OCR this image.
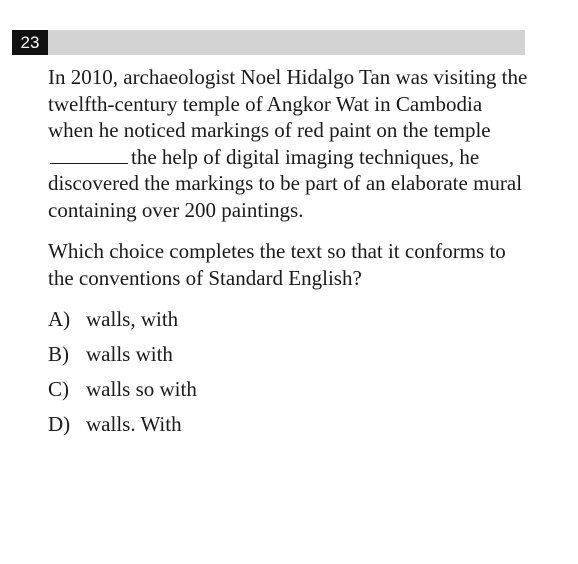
23

In 2010, archaeologist Noel Hidalgo Tan was visiting the twelfth-century temple of Angkor Wat in Cambodia when he noticed markings of red paint on the templethe help of digital imaging techniques, he discovered the markings to be part of an elaborate mural containing over 200 paintings.

Which choice completes the text so that it conforms to the conventions of Standard English?

A) walls, with
B) walls with
C) walls so with
D) walls. With
